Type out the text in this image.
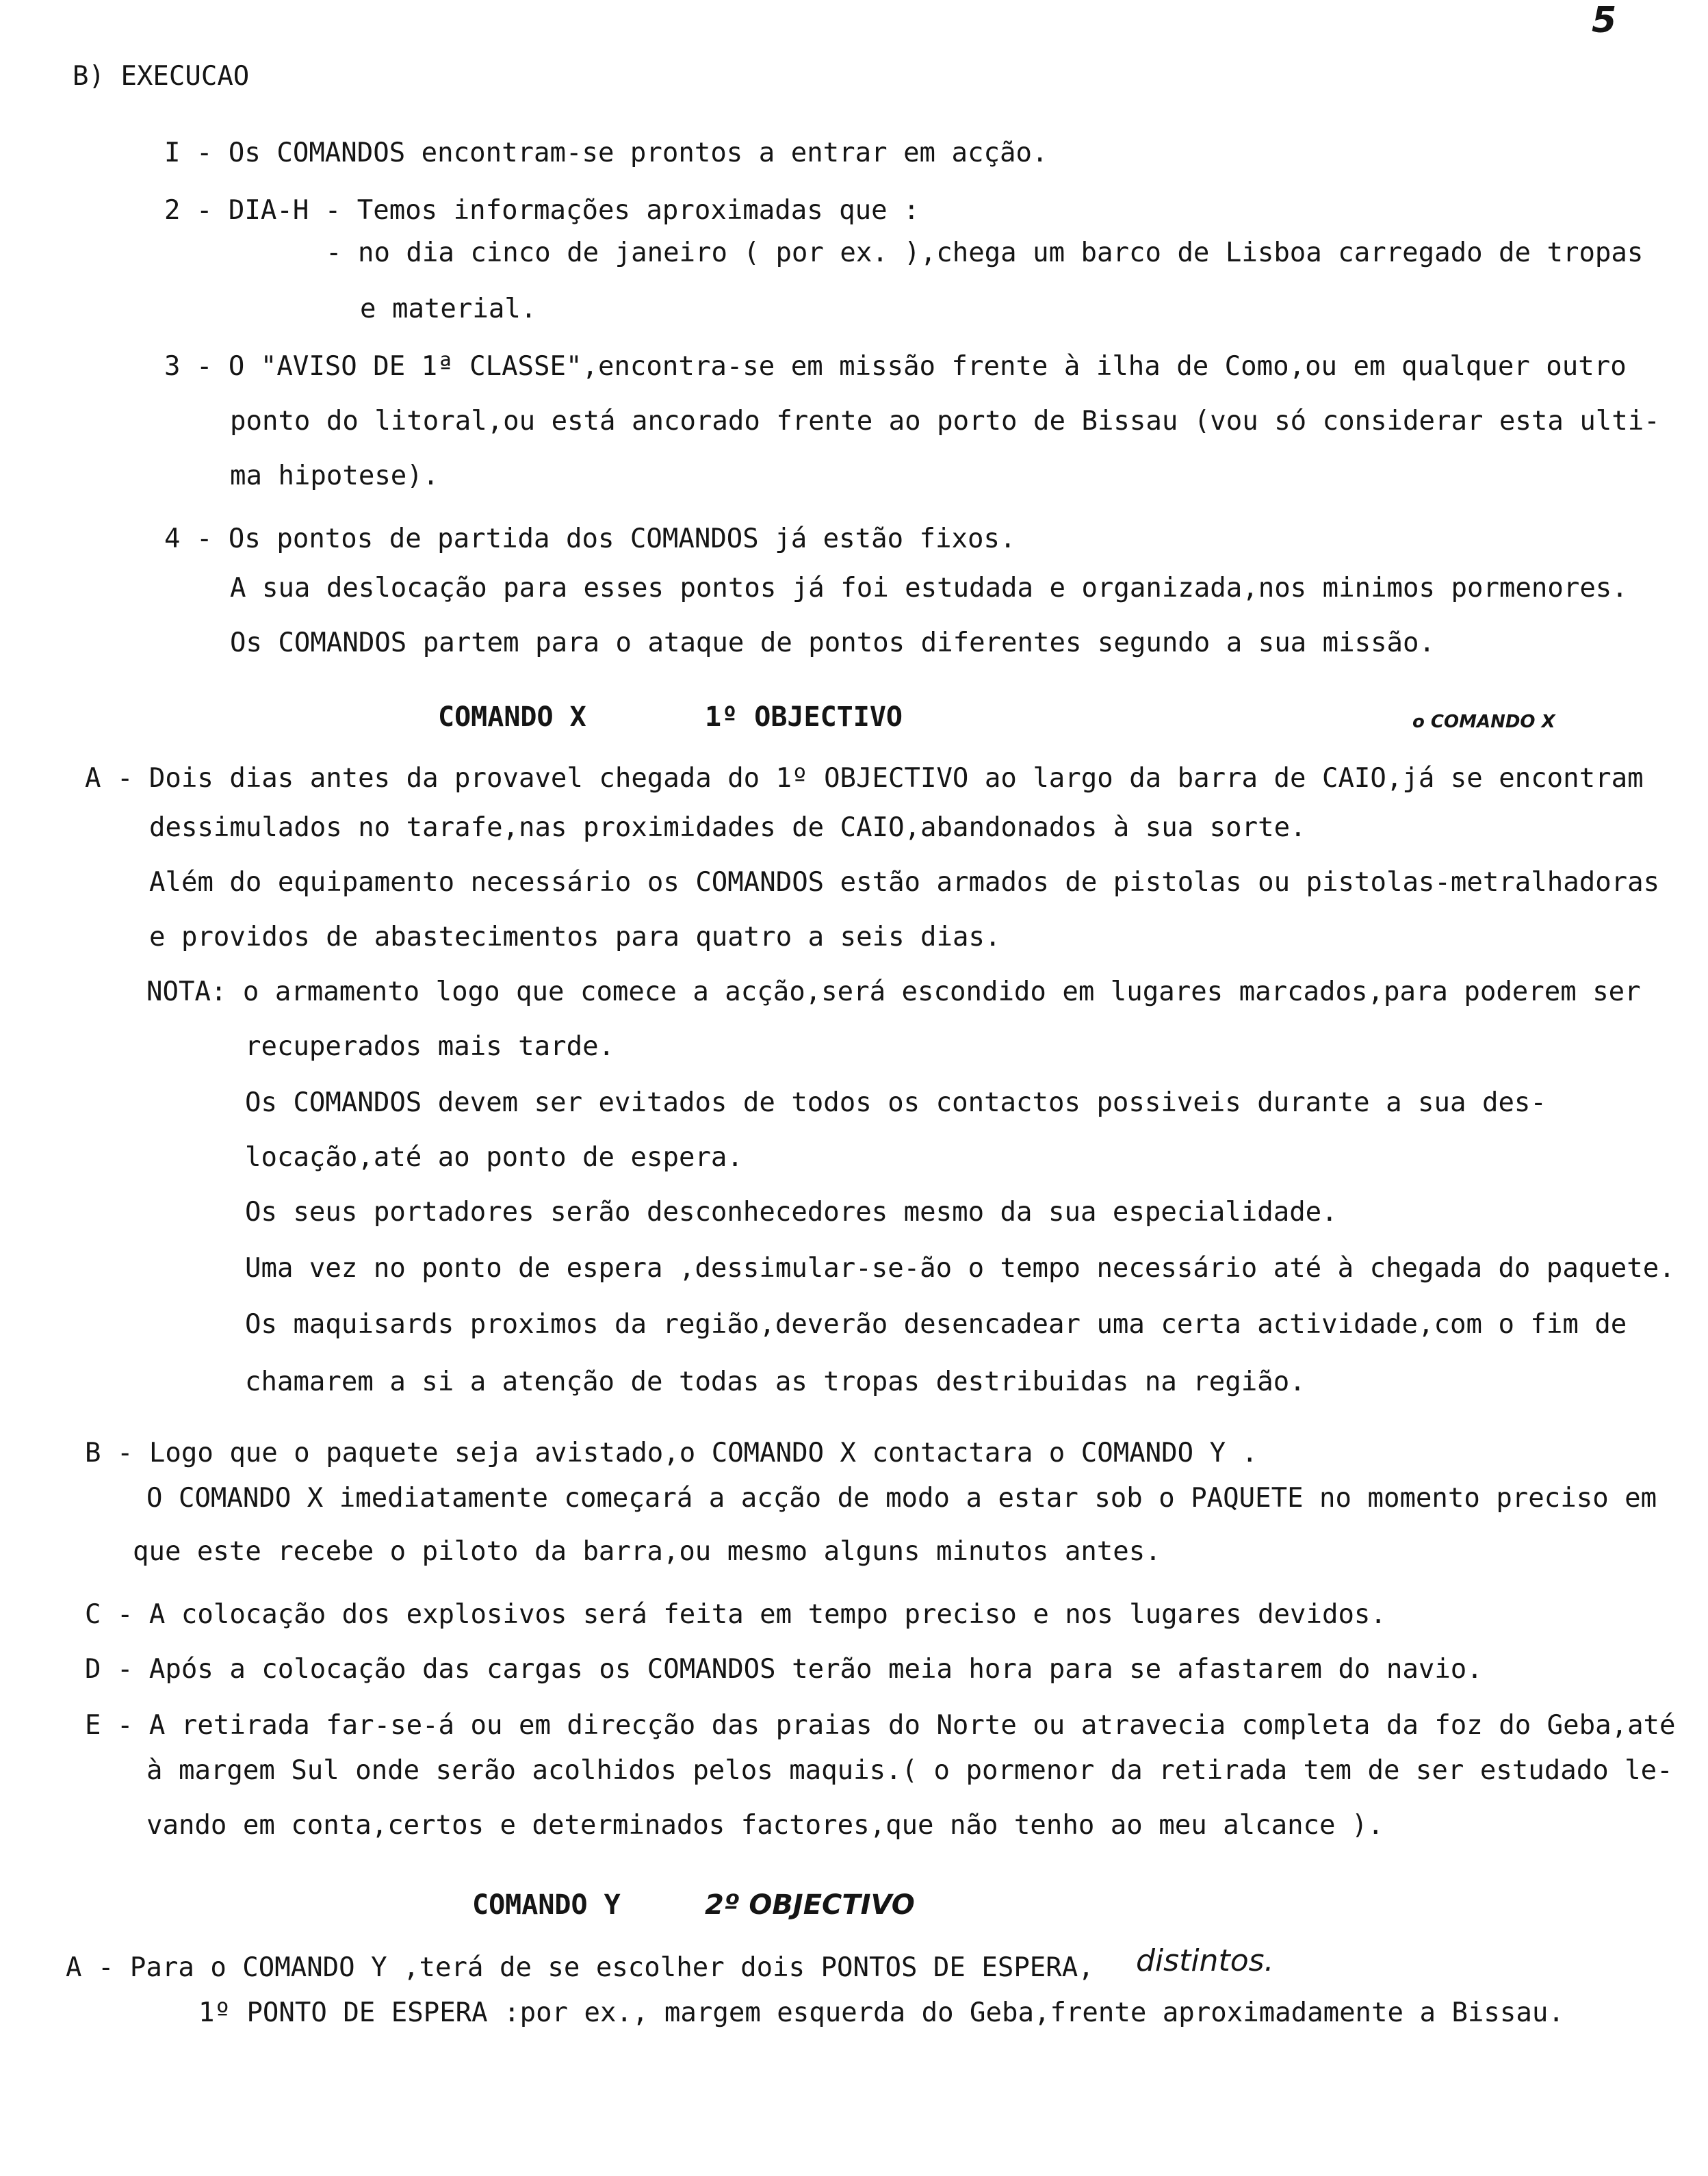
5
B) EXECUCAO
I - Os COMANDOS encontram-se prontos a entrar em acção.
2 - DIA-H - Temos informações aproximadas que :
- no dia cinco de janeiro ( por ex. ),chega um barco de Lisboa carregado de tropas
e material.
3 - O "AVISO DE 1ª CLASSE",encontra-se em missão frente à ilha de Como,ou em qualquer outro
ponto do litoral,ou está ancorado frente ao porto de Bissau (vou só considerar esta ulti-
ma hipotese).
4 - Os pontos de partida dos COMANDOS já estão fixos.
A sua deslocação para esses pontos já foi estudada e organizada,nos minimos pormenores.
Os COMANDOS partem para o ataque de pontos diferentes segundo a sua missão.
COMANDO X	1º OBJECTIVO	o COMANDO X
A - Dois dias antes da provavel chegada do 1º OBJECTIVO ao largo da barra de CAIO,já se encontram
dessimulados no tarafe,nas proximidades de CAIO,abandonados à sua sorte.
Além do equipamento necessário os COMANDOS estão armados de pistolas ou pistolas-metralhadoras
e providos de abastecimentos para quatro a seis dias.
NOTA: o armamento logo que comece a acção,será escondido em lugares marcados,para poderem ser
recuperados mais tarde.
Os COMANDOS devem ser evitados de todos os contactos possiveis durante a sua des-
locação,até ao ponto de espera.
Os seus portadores serão desconhecedores mesmo da sua especialidade.
Uma vez no ponto de espera ,dessimular-se-ão o tempo necessário até à chegada do paquete.
Os maquisards proximos da região,deverão desencadear uma certa actividade,com o fim de
chamarem a si a atenção de todas as tropas destribuidas na região.
B - Logo que o paquete seja avistado,o COMANDO X contactara o COMANDO Y .
O COMANDO X imediatamente começará a acção de modo a estar sob o PAQUETE no momento preciso em
que este recebe o piloto da barra,ou mesmo alguns minutos antes.
C - A colocação dos explosivos será feita em tempo preciso e nos lugares devidos.
D - Após a colocação das cargas os COMANDOS terão meia hora para se afastarem do navio.
E - A retirada far-se-á ou em direcção das praias do Norte ou atravecia completa da foz do Geba,até
à margem Sul onde serão acolhidos pelos maquis.( o pormenor da retirada tem de ser estudado le-
vando em conta,certos e determinados factores,que não tenho ao meu alcance ).
COMANDO Y	2º OBJECTIVO
A - Para o COMANDO Y ,terá de se escolher dois PONTOS DE ESPERA, distintos.
1º PONTO DE ESPERA :por ex., margem esquerda do Geba,frente aproximadamente a Bissau.
